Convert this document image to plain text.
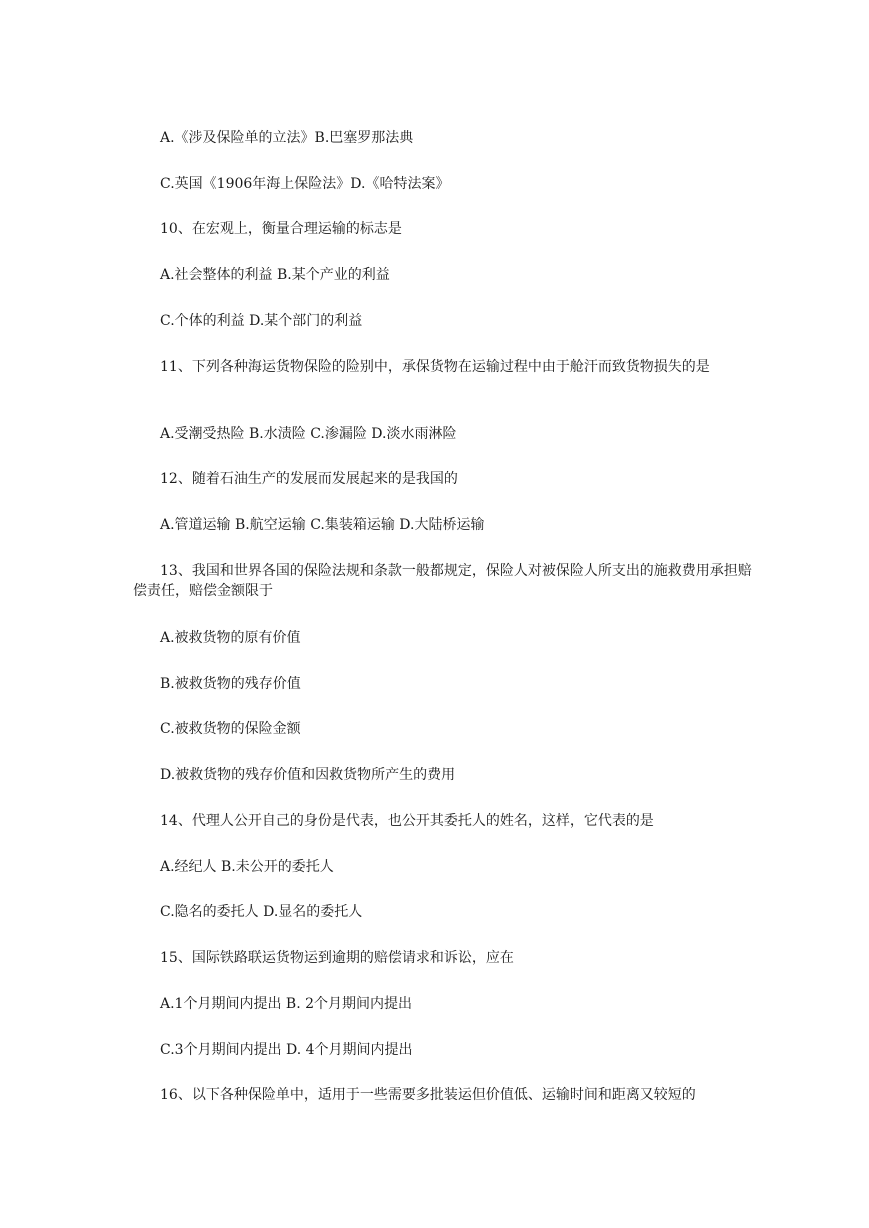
A.《涉及保险单的立法》B.巴塞罗那法典
C.英国《1906年海上保险法》D.《哈特法案》
10、在宏观上，衡量合理运输的标志是
A.社会整体的利益 B.某个产业的利益
C.个体的利益 D.某个部门的利益
11、下列各种海运货物保险的险别中，承保货物在运输过程中由于舱汗而致货物损失的是
A.受潮受热险 B.水渍险 C.渗漏险 D.淡水雨淋险
12、随着石油生产的发展而发展起来的是我国的
A.管道运输 B.航空运输 C.集装箱运输 D.大陆桥运输
13、我国和世界各国的保险法规和条款一般都规定，保险人对被保险人所支出的施救费用承担赔偿责任，赔偿金额限于
A.被救货物的原有价值
B.被救货物的残存价值
C.被救货物的保险金额
D.被救货物的残存价值和因救货物所产生的费用
14、代理人公开自己的身份是代表，也公开其委托人的姓名，这样，它代表的是
A.经纪人 B.未公开的委托人
C.隐名的委托人 D.显名的委托人
15、国际铁路联运货物运到逾期的赔偿请求和诉讼，应在
A.1个月期间内提出 B. 2个月期间内提出
C.3个月期间内提出 D. 4个月期间内提出
16、以下各种保险单中，适用于一些需要多批装运但价值低、运输时间和距离又较短的
